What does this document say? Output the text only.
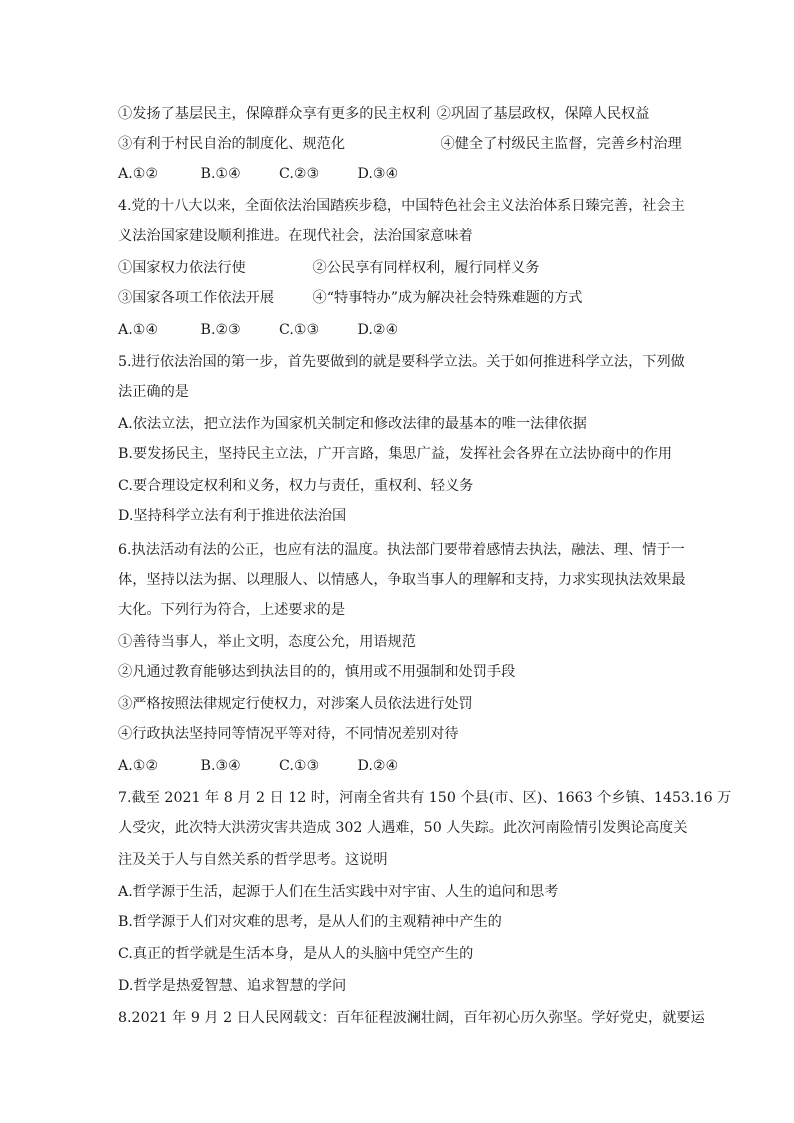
①发扬了基层民主，保障群众享有更多的民主权利 ②巩固了基层政权，保障人民权益
③有利于村民自治的制度化、规范化	④健全了村级民主监督，完善乡村治理
A.①②	B.①④	C.②③	D.③④
4.党的十八大以来，全面依法治国踏疾步稳，中国特色社会主义法治体系日臻完善，社会主
义法治国家建设顺利推进。在现代社会，法治国家意味着
①国家权力依法行使	②公民享有同样权利，履行同样义务
③国家各项工作依法开展	④“特事特办”成为解决社会特殊难题的方式
A.①④	B.②③	C.①③	D.②④
5.进行依法治国的第一步，首先要做到的就是要科学立法。关于如何推进科学立法，下列做
法正确的是
A.依法立法，把立法作为国家机关制定和修改法律的最基本的唯一法律依据
B.要发扬民主，坚持民主立法，广开言路，集思广益，发挥社会各界在立法协商中的作用
C.要合理设定权利和义务，权力与责任，重权利、轻义务
D.坚持科学立法有利于推进依法治国
6.执法活动有法的公正，也应有法的温度。执法部门要带着感情去执法，融法、理、情于一
体，坚持以法为据、以理服人、以情感人，争取当事人的理解和支持，力求实现执法效果最
大化。下列行为符合，上述要求的是
①善待当事人，举止文明，态度公允，用语规范
②凡通过教育能够达到执法目的的，慎用或不用强制和处罚手段
③严格按照法律规定行使权力，对涉案人员依法进行处罚
④行政执法坚持同等情况平等对待，不同情况差别对待
A.①②	B.③④	C.①③	D.②④
7.截至 2021 年 8 月 2 日 12 时，河南全省共有 150 个县(市、区)、1663 个乡镇、1453.16 万
人受灾，此次特大洪涝灾害共造成 302 人遇难，50 人失踪。此次河南险情引发舆论高度关
注及关于人与自然关系的哲学思考。这说明
A.哲学源于生活，起源于人们在生活实践中对宇宙、人生的追问和思考
B.哲学源于人们对灾难的思考，是从人们的主观精神中产生的
C.真正的哲学就是生活本身，是从人的头脑中凭空产生的
D.哲学是热爱智慧、追求智慧的学问
8.2021 年 9 月 2 日人民网载文：百年征程波澜壮阔，百年初心历久弥坚。学好党史，就要运
